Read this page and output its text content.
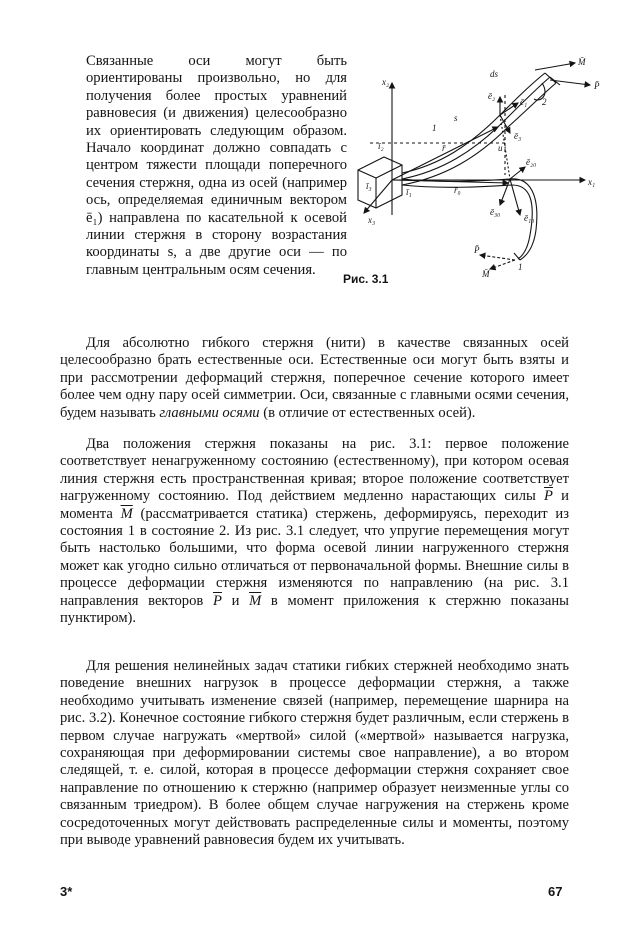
Связанные оси могут быть ориентированы произвольно, но для получения более простых уравнений равновесия (и движения) целесообразно их ориентировать следующим образом. Начало координат должно совпадать с центром тяжести площади поперечного сечения стержня, одна из осей (например ось, определяемая единичным вектором ē₁) направлена по касательной к осевой линии стержня в сторону возрастания координаты s, а две другие оси — по главным центральным осям сечения.
x₂
x₁
x₃
ī₁
ī₂
ī₃
ds
M̄
P̄
ē₂
ē₁
ē₃
s
1
2
r̄	u
ē₂₀
r̄₀
ē₃₀
ē₁₀
P̄
M̄
1
Рис. 3.1

Для абсолютно гибкого стержня (нити) в качестве связанных осей целесообразно брать естественные оси. Естественные оси могут быть взяты и при рассмотрении деформаций стержня, поперечное сечение которого имеет более чем одну пару осей симметрии. Оси, связанные с главными осями сечения, будем называть главными осями (в отличие от естественных осей).

Два положения стержня показаны на рис. 3.1: первое положение соответствует ненагруженному состоянию (естественному), при котором осевая линия стержня есть пространственная кривая; второе положение соответствует нагруженному состоянию. Под действием медленно нарастающих силы $\overline{P}$ и момента $\overline{M}$ (рассматривается статика) стержень, деформируясь, переходит из состояния 1 в состояние 2. Из рис. 3.1 следует, что упругие перемещения могут быть настолько большими, что форма осевой линии нагруженного стержня может как угодно сильно отличаться от первоначальной формы. Внешние силы в процессе деформации стержня изменяются по направлению (на рис. 3.1 направления векторов $\overline{P}$ и $\overline{M}$ в момент приложения к стержню показаны пунктиром).

Для решения нелинейных задач статики гибких стержней необходимо знать поведение внешних нагрузок в процессе деформации стержня, а также необходимо учитывать изменение связей (например, перемещение шарнира на рис. 3.2). Конечное состояние гибкого стержня будет различным, если стержень в первом случае нагружать «мертвой» силой («мертвой» называется нагрузка, сохраняющая при деформировании системы свое направление), а во втором следящей, т. е. силой, которая в процессе деформации стержня сохраняет свое направление по отношению к стержню (например образует неизменные углы со связанным триедром). В более общем случае нагружения на стержень кроме сосредоточенных могут действовать распределенные силы и моменты, поэтому при выводе уравнений равновесия будем их учитывать.

3*	67
